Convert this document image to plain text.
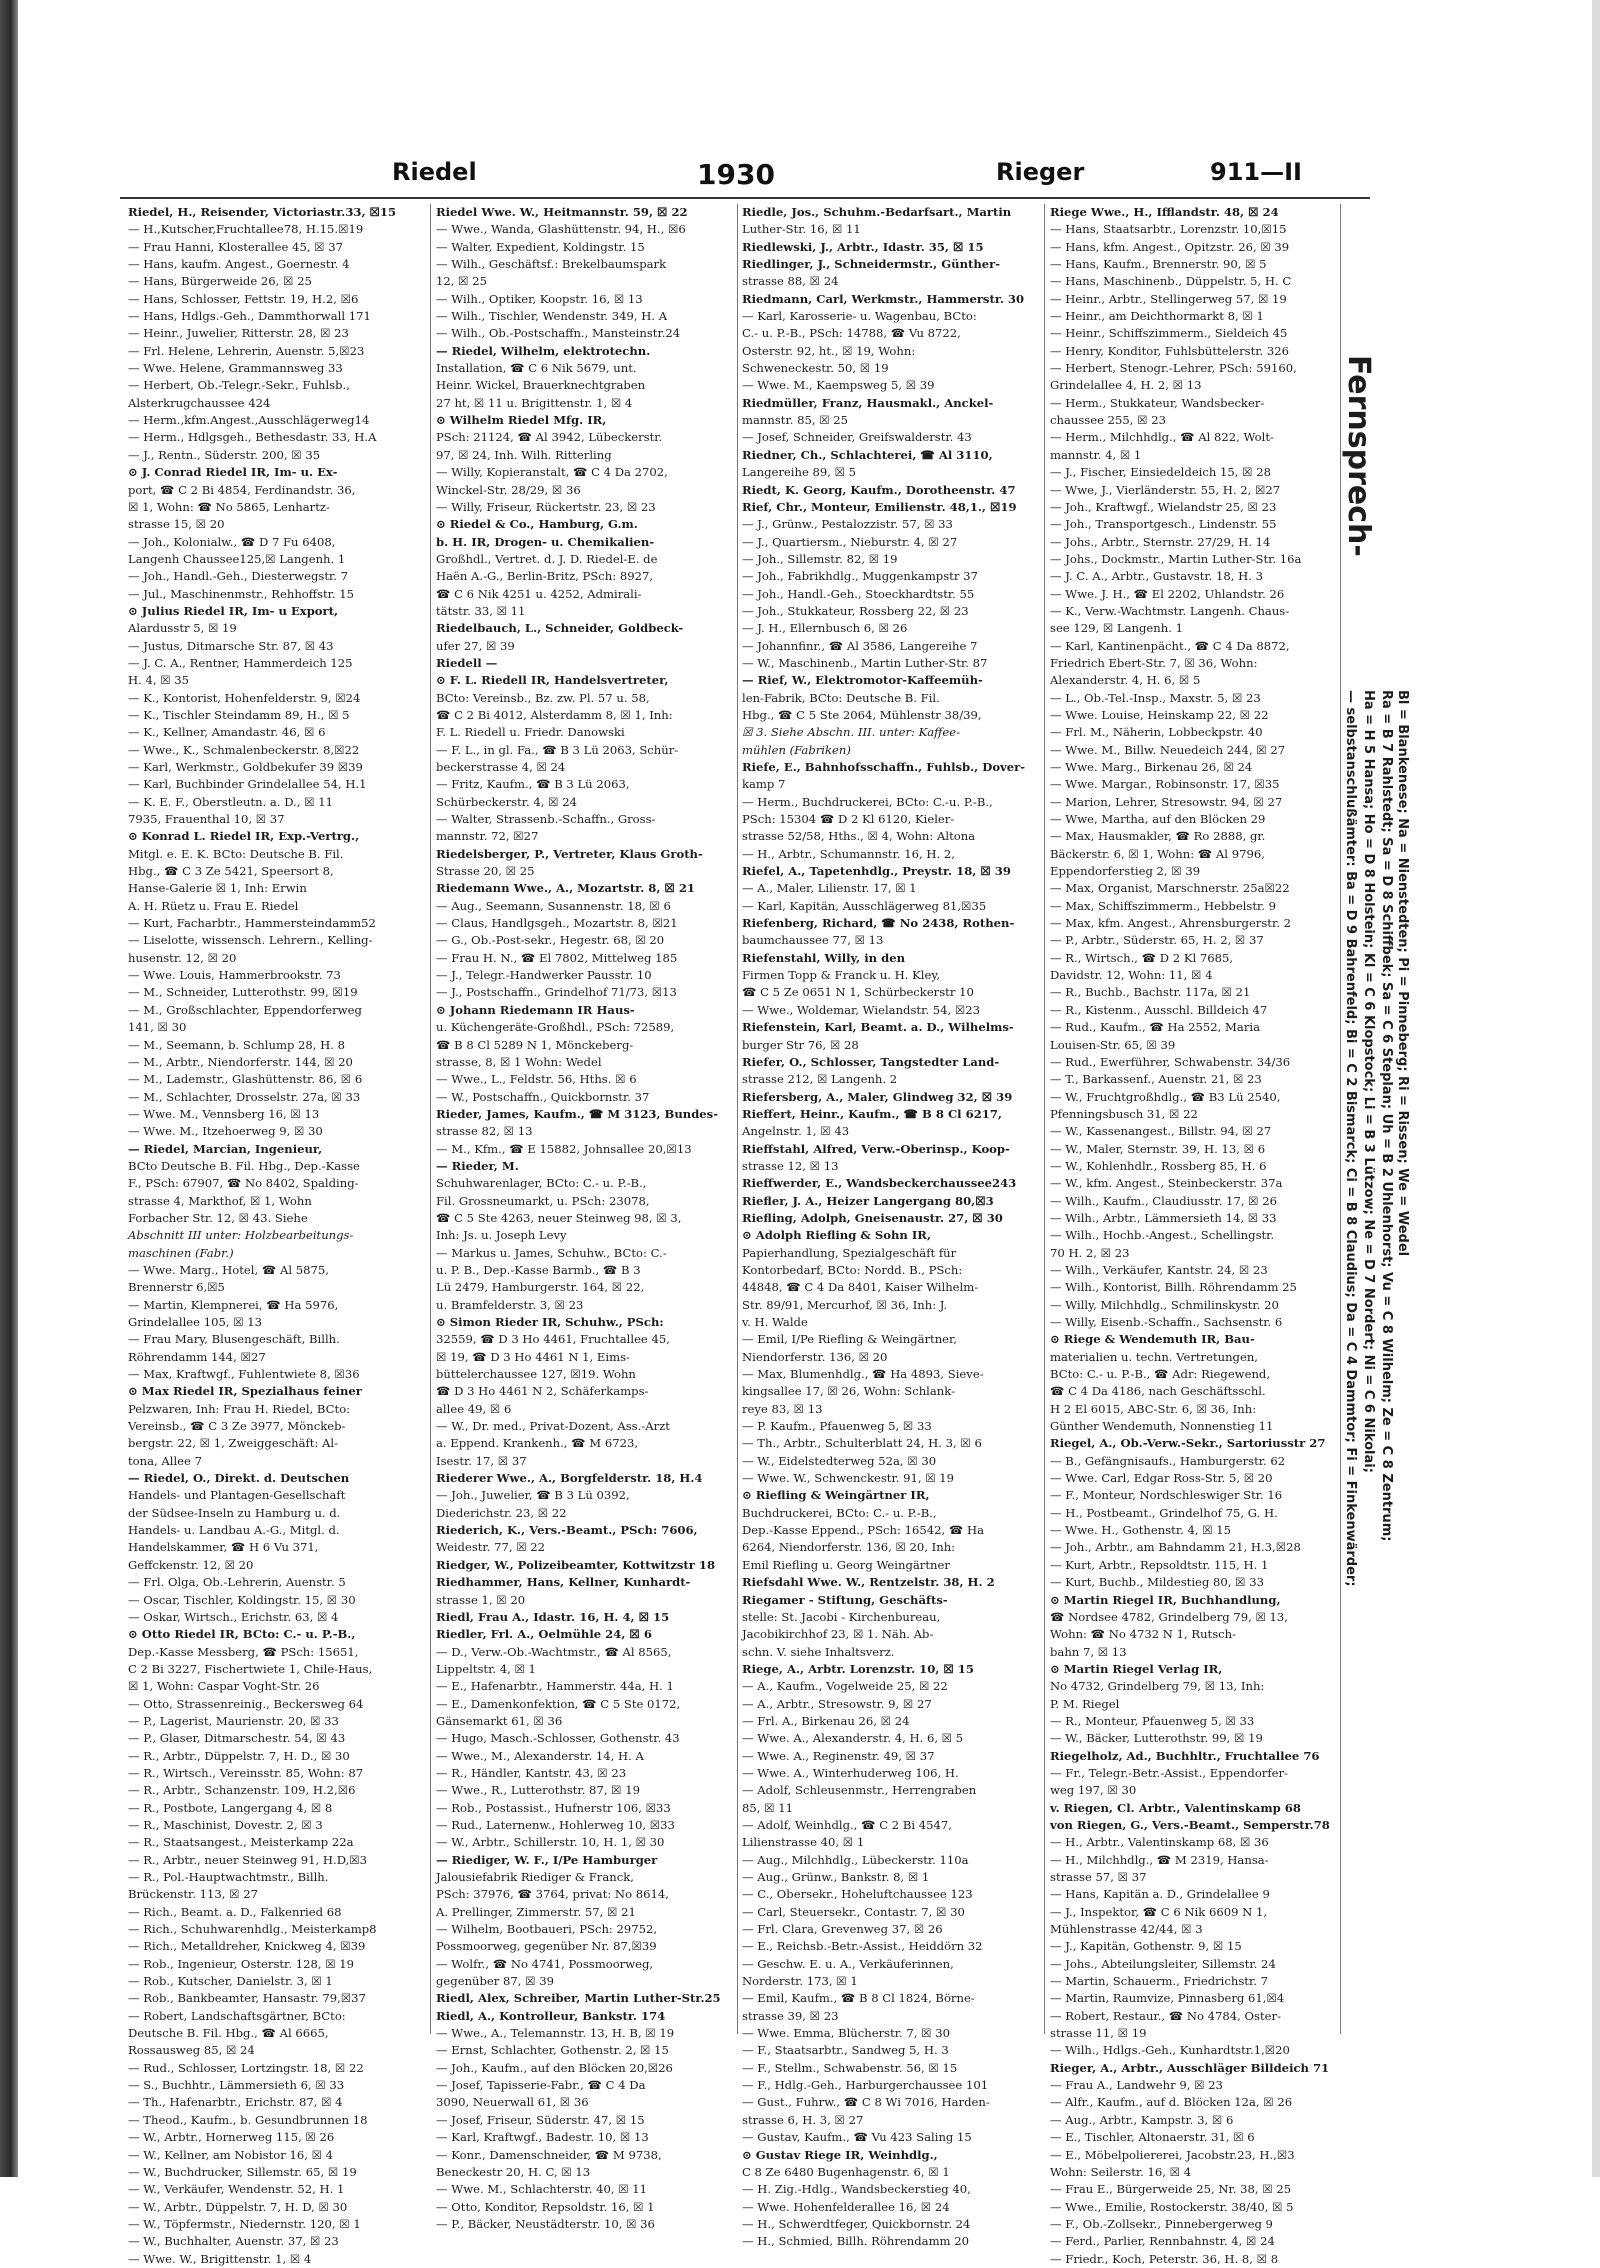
Riedel	1930	Rieger	911—II
Riedel, H., Reisender, Victoriastr.33, ☒15
— H.,Kutscher,Fruchtallee78, H.15.☒19
— Frau Hanni, Klosterallee 45, ☒ 37
— Hans, kaufm. Angest., Goernestr. 4
— Hans, Bürgerweide 26, ☒ 25
— Hans, Schlosser, Fettstr. 19, H.2, ☒6
— Hans, Hdlgs.-Geh., Dammthorwall 171
— Heinr., Juwelier, Ritterstr. 28, ☒ 23
— Frl. Helene, Lehrerin, Auenstr. 5,☒23
— Wwe. Helene, Grammannsweg 33
— Herbert, Ob.-Telegr.-Sekr., Fuhlsb.,
Alsterkrugchaussee 424
— Herm.,kfm.Angest.,Ausschlägerweg14
— Herm., Hdlgsgeh., Bethesdastr. 33, H.A
— J., Rentn., Süderstr. 200, ☒ 35
⊙ J. Conrad Riedel IR, Im- u. Ex-
port, ☎ C 2 Bi 4854, Ferdinandstr. 36,
☒ 1, Wohn: ☎ No 5865, Lenhartz-
strasse 15, ☒ 20
— Joh., Kolonialw., ☎ D 7 Fu 6408,
Langenh Chaussee125,☒ Langenh. 1
— Joh., Handl.-Geh., Diesterwegstr. 7
— Jul., Maschinenmstr., Rehhoffstr. 15
⊙ Julius Riedel IR, Im- u Export,
Alardusstr 5, ☒ 19
— Justus, Ditmarsche Str. 87, ☒ 43
— J. C. A., Rentner, Hammerdeich 125
H. 4, ☒ 35
— K., Kontorist, Hohenfelderstr. 9, ☒24
— K., Tischler Steindamm 89, H., ☒ 5
— K., Kellner, Amandastr. 46, ☒ 6
— Wwe., K., Schmalenbeckerstr. 8,☒22
— Karl, Werkmstr., Goldbekufer 39 ☒39
— Karl, Buchbinder Grindelallee 54, H.1
— K. E. F., Oberstleutn. a. D., ☒ 11
7935, Frauenthal 10, ☒ 37
⊙ Konrad L. Riedel IR, Exp.-Vertrg.,
Mitgl. e. E. K. BCto: Deutsche B. Fil.
Hbg., ☎ C 3 Ze 5421, Speersort 8,
Hanse-Galerie ☒ 1, Inh: Erwin
A. H. Rüetz u. Frau E. Riedel
— Kurt, Facharbtr., Hammersteindamm52
— Liselotte, wissensch. Lehrern., Kelling-
husenstr. 12, ☒ 20
— Wwe. Louis, Hammerbrookstr. 73
— M., Schneider, Lutterothstr. 99, ☒19
— M., Großschlachter, Eppendorferweg
141, ☒ 30
— M., Seemann, b. Schlump 28, H. 8
— M., Arbtr., Niendorferstr. 144, ☒ 20
— M., Lademstr., Glashüttenstr. 86, ☒ 6
— M., Schlachter, Drosselstr. 27a, ☒ 33
— Wwe. M., Vennsberg 16, ☒ 13
— Wwe. M., Itzehoerweg 9, ☒ 30
— Riedel, Marcian, Ingenieur,
BCto Deutsche B. Fil. Hbg., Dep.-Kasse
F., PSch: 67907, ☎ No 8402, Spalding-
strasse 4, Markthof, ☒ 1, Wohn
Forbacher Str. 12, ☒ 43. Siehe
Abschnitt III unter: Holzbearbeitungs-
maschinen (Fabr.)
— Wwe. Marg., Hotel, ☎ Al 5875,
Brennerstr 6,☒5
— Martin, Klempnerei, ☎ Ha 5976,
Grindelallee 105, ☒ 13
— Frau Mary, Blusengeschäft, Billh.
Röhrendamm 144, ☒27
— Max, Kraftwgf., Fuhlentwiete 8, ☒36
⊙ Max Riedel IR, Spezialhaus feiner
Pelzwaren, Inh: Frau H. Riedel, BCto:
Vereinsb., ☎ C 3 Ze 3977, Mönckeb-
bergstr. 22, ☒ 1, Zweiggeschäft: Al-
tona, Allee 7
— Riedel, O., Direkt. d. Deutschen
Handels- und Plantagen-Gesellschaft
der Südsee-Inseln zu Hamburg u. d.
Handels- u. Landbau A.-G., Mitgl. d.
Handelskammer, ☎ H 6 Vu 371,
Geffckenstr. 12, ☒ 20
— Frl. Olga, Ob.-Lehrerin, Auenstr. 5
— Oscar, Tischler, Koldingstr. 15, ☒ 30
— Oskar, Wirtsch., Erichstr. 63, ☒ 4
⊙ Otto Riedel IR, BCto: C.- u. P.-B.,
Dep.-Kasse Messberg, ☎ PSch: 15651,
C 2 Bi 3227, Fischertwiete 1, Chile-Haus,
☒ 1, Wohn: Caspar Voght-Str. 26
— Otto, Strassenreinig., Beckersweg 64
— P., Lagerist, Maurienstr. 20, ☒ 33
— P., Glaser, Ditmarschestr. 54, ☒ 43
— R., Arbtr., Düppelstr. 7, H. D., ☒ 30
— R., Wirtsch., Vereinsstr. 85, Wohn: 87
— R., Arbtr., Schanzenstr. 109, H.2,☒6
— R., Postbote, Langergang 4, ☒ 8
— R., Maschinist, Dovestr. 2, ☒ 3
— R., Staatsangest., Meisterkamp 22a
— R., Arbtr., neuer Steinweg 91, H.D,☒3
— R., Pol.-Hauptwachtmstr., Billh.
Brückenstr. 113, ☒ 27
— Rich., Beamt. a. D., Falkenried 68
— Rich., Schuhwarenhdlg., Meisterkamp8
— Rich., Metalldreher, Knickweg 4, ☒39
— Rob., Ingenieur, Osterstr. 128, ☒ 19
— Rob., Kutscher, Danielstr. 3, ☒ 1
— Rob., Bankbeamter, Hansastr. 79,☒37
— Robert, Landschaftsgärtner, BCto:
Deutsche B. Fil. Hbg., ☎ Al 6665,
Rossausweg 85, ☒ 24
— Rud., Schlosser, Lortzingstr. 18, ☒ 22
— S., Buchhtr., Lämmersieth 6, ☒ 33
— Th., Hafenarbtr., Erichstr. 87, ☒ 4
— Theod., Kaufm., b. Gesundbrunnen 18
— W., Arbtr., Hornerweg 115, ☒ 26
— W., Kellner, am Nobistor 16, ☒ 4
— W., Buchdrucker, Sillemstr. 65, ☒ 19
— W., Verkäufer, Wendenstr. 52, H. 1
— W., Arbtr., Düppelstr. 7, H. D, ☒ 30
— W., Töpfermstr., Niedernstr. 120, ☒ 1
— W., Buchhalter, Auenstr. 37, ☒ 23
— Wwe. W., Brigittenstr. 1, ☒ 4
Riedel Wwe. W., Heitmannstr. 59, ☒ 22
— Wwe., Wanda, Glashüttenstr. 94, H., ☒6
— Walter, Expedient, Koldingstr. 15
— Wilh., Geschäftsf.: Brekelbaumspark
12, ☒ 25
— Wilh., Optiker, Koopstr. 16, ☒ 13
— Wilh., Tischler, Wendenstr. 349, H. A
— Wilh., Ob.-Postschaffn., Mansteinstr.24
— Riedel, Wilhelm, elektrotechn.
Installation, ☎ C 6 Nik 5679, unt.
Heinr. Wickel, Brauerknechtgraben
27 ht, ☒ 11 u. Brigittenstr. 1, ☒ 4
⊙ Wilhelm Riedel Mfg. IR,
PSch: 21124, ☎ Al 3942, Lübeckerstr.
97, ☒ 24, Inh. Wilh. Ritterling
— Willy, Kopieranstalt, ☎ C 4 Da 2702,
Winckel-Str. 28/29, ☒ 36
— Willy, Friseur, Rückertstr. 23, ☒ 23
⊙ Riedel & Co., Hamburg, G.m.
b. H. IR, Drogen- u. Chemikalien-
Großhdl., Vertret. d. J. D. Riedel-E. de
Haën A.-G., Berlin-Britz, PSch: 8927,
☎ C 6 Nik 4251 u. 4252, Admirali-
tätstr. 33, ☒ 11
Riedelbauch, L., Schneider, Goldbeck-
ufer 27, ☒ 39
Riedell —
⊙ F. L. Riedell IR, Handelsvertreter,
BCto: Vereinsb., Bz. zw. Pl. 57 u. 58,
☎ C 2 Bi 4012, Alsterdamm 8, ☒ 1, Inh:
F. L. Riedell u. Friedr. Danowski
— F. L., in gl. Fa., ☎ B 3 Lü 2063, Schür-
beckerstrasse 4, ☒ 24
— Fritz, Kaufm., ☎ B 3 Lü 2063,
Schürbeckerstr. 4, ☒ 24
— Walter, Strassenb.-Schaffn., Gross-
mannstr. 72, ☒27
Riedelsberger, P., Vertreter, Klaus Groth-
Strasse 20, ☒ 25
Riedemann Wwe., A., Mozartstr. 8, ☒ 21
— Aug., Seemann, Susannenstr. 18, ☒ 6
— Claus, Handlgsgeh., Mozartstr. 8, ☒21
— G., Ob.-Post-sekr., Hegestr. 68, ☒ 20
— Frau H. N., ☎ El 7802, Mittelweg 185
— J., Telegr.-Handwerker Pausstr. 10
— J., Postschaffn., Grindelhof 71/73, ☒13
⊙ Johann Riedemann IR Haus-
u. Küchengeräte-Großhdl., PSch: 72589,
☎ B 8 Cl 5289 N 1, Mönckeberg-
strasse, 8, ☒ 1 Wohn: Wedel
— Wwe., L., Feldstr. 56, Hths. ☒ 6
— W., Postschaffn., Quickbornstr. 37
Rieder, James, Kaufm., ☎ M 3123, Bundes-
strasse 82, ☒ 13
— M., Kfm., ☎ E 15882, Johnsallee 20,☒13
— Rieder, M.
Schuhwarenlager, BCto: C.- u. P.-B.,
Fil. Grossneumarkt, u. PSch: 23078,
☎ C 5 Ste 4263, neuer Steinweg 98, ☒ 3,
Inh: Js. u. Joseph Levy
— Markus u. James, Schuhw., BCto: C.-
u. P. B., Dep.-Kasse Barmb., ☎ B 3
Lü 2479, Hamburgerstr. 164, ☒ 22,
u. Bramfelderstr. 3, ☒ 23
⊙ Simon Rieder IR, Schuhw., PSch:
32559, ☎ D 3 Ho 4461, Fruchtallee 45,
☒ 19, ☎ D 3 Ho 4461 N 1, Eims-
büttelerchaussee 127, ☒19. Wohn
☎ D 3 Ho 4461 N 2, Schäferkamps-
allee 49, ☒ 6
— W., Dr. med., Privat-Dozent, Ass.-Arzt
a. Eppend. Krankenh., ☎ M 6723,
Isestr. 17, ☒ 37
Riederer Wwe., A., Borgfelderstr. 18, H.4
— Joh., Juwelier, ☎ B 3 Lü 0392,
Diederichstr. 23, ☒ 22
Riederich, K., Vers.-Beamt., PSch: 7606,
Weidestr. 77, ☒ 22
Riedger, W., Polizeibeamter, Kottwitzstr 18
Riedhammer, Hans, Kellner, Kunhardt-
strasse 1, ☒ 20
Riedl, Frau A., Idastr. 16, H. 4, ☒ 15
Riedler, Frl. A., Oelmühle 24, ☒ 6
— D., Verw.-Ob.-Wachtmstr., ☎ Al 8565,
Lippeltstr. 4, ☒ 1
— E., Hafenarbtr., Hammerstr. 44a, H. 1
— E., Damenkonfektion, ☎ C 5 Ste 0172,
Gänsemarkt 61, ☒ 36
— Hugo, Masch.-Schlosser, Gothenstr. 43
— Wwe., M., Alexanderstr. 14, H. A
— R., Händler, Kantstr. 43, ☒ 23
— Wwe., R., Lutterothstr. 87, ☒ 19
— Rob., Postassist., Hufnerstr 106, ☒33
— Rud., Laternenw., Hohlerweg 10, ☒33
— W., Arbtr., Schillerstr. 10, H. 1, ☒ 30
— Riediger, W. F., I/Pe Hamburger
Jalousiefabrik Riediger & Franck,
PSch: 37976, ☎ 3764, privat: No 8614,
A. Prellinger, Zimmerstr. 57, ☒ 21
— Wilhelm, Bootbaueri, PSch: 29752,
Possmoorweg, gegenüber Nr. 87,☒39
— Wolfr., ☎ No 4741, Possmoorweg,
gegenüber 87, ☒ 39
Riedl, Alex, Schreiber, Martin Luther-Str.25
Riedl, A., Kontrolleur, Bankstr. 174
— Wwe., A., Telemannstr. 13, H. B, ☒ 19
— Ernst, Schlachter, Gothenstr. 2, ☒ 15
— Joh., Kaufm., auf den Blöcken 20,☒26
— Josef, Tapisserie-Fabr., ☎ C 4 Da
3090, Neuerwall 61, ☒ 36
— Josef, Friseur, Süderstr. 47, ☒ 15
— Karl, Kraftwgf., Badestr. 10, ☒ 13
— Konr., Damenschneider, ☎ M 9738,
Beneckestr 20, H. C, ☒ 13
— Wwe. M., Schlachterstr. 40, ☒ 11
— Otto, Konditor, Repsoldstr. 16, ☒ 1
— P., Bäcker, Neustädterstr. 10, ☒ 36
Riedle, Jos., Schuhm.-Bedarfsart., Martin
Luther-Str. 16, ☒ 11
Riedlewski, J., Arbtr., Idastr. 35, ☒ 15
Riedlinger, J., Schneidermstr., Günther-
strasse 88, ☒ 24
Riedmann, Carl, Werkmstr., Hammerstr. 30
— Karl, Karosserie- u. Wagenbau, BCto:
C.- u. P.-B., PSch: 14788, ☎ Vu 8722,
Osterstr. 92, ht., ☒ 19, Wohn:
Schweneckestr. 50, ☒ 19
— Wwe. M., Kaempsweg 5, ☒ 39
Riedmüller, Franz, Hausmakl., Anckel-
mannstr. 85, ☒ 25
— Josef, Schneider, Greifswalderstr. 43
Riedner, Ch., Schlachterei, ☎ Al 3110,
Langereihe 89, ☒ 5
Riedt, K. Georg, Kaufm., Dorotheenstr. 47
Rief, Chr., Monteur, Emilienstr. 48,1., ☒19
— J., Grünw., Pestalozzistr. 57, ☒ 33
— J., Quartiersm., Nieburstr. 4, ☒ 27
— Joh., Sillemstr. 82, ☒ 19
— Joh., Fabrikhdlg., Muggenkampstr 37
— Joh., Handl.-Geh., Stoeckhardtstr. 55
— Joh., Stukkateur, Rossberg 22, ☒ 23
— J. H., Ellernbusch 6, ☒ 26
— Johannfinr., ☎ Al 3586, Langereihe 7
— W., Maschinenb., Martin Luther-Str. 87
— Rief, W., Elektromotor-Kaffeemüh-
len-Fabrik, BCto: Deutsche B. Fil.
Hbg., ☎ C 5 Ste 2064, Mühlenstr 38/39,
☒ 3. Siehe Abschn. III. unter: Kaffee-
mühlen (Fabriken)
Riefe, E., Bahnhofsschaffn., Fuhlsb., Dover-
kamp 7
— Herm., Buchdruckerei, BCto: C.-u. P.-B.,
PSch: 15304 ☎ D 2 Kl 6120, Kieler-
strasse 52/58, Hths., ☒ 4, Wohn: Altona
— H., Arbtr., Schumannstr. 16, H. 2,
Riefel, A., Tapetenhdlg., Preystr. 18, ☒ 39
— A., Maler, Lilienstr. 17, ☒ 1
— Karl, Kapitän, Ausschlägerweg 81,☒35
Riefenberg, Richard, ☎ No 2438, Rothen-
baumchaussee 77, ☒ 13
Riefenstahl, Willy, in den
Firmen Topp & Franck u. H. Kley,
☎ C 5 Ze 0651 N 1, Schürbeckerstr 10
— Wwe., Woldemar, Wielandstr. 54, ☒23
Riefenstein, Karl, Beamt. a. D., Wilhelms-
burger Str 76, ☒ 28
Riefer, O., Schlosser, Tangstedter Land-
strasse 212, ☒ Langenh. 2
Riefersberg, A., Maler, Glindweg 32, ☒ 39
Rieffert, Heinr., Kaufm., ☎ B 8 Cl 6217,
Angelnstr. 1, ☒ 43
Rieffstahl, Alfred, Verw.-Oberinsp., Koop-
strasse 12, ☒ 13
Rieffwerder, E., Wandsbeckerchaussee243
Riefler, J. A., Heizer Langergang 80,☒3
Riefling, Adolph, Gneisenaustr. 27, ☒ 30
⊙ Adolph Riefling & Sohn IR,
Papierhandlung, Spezialgeschäft für
Kontorbedarf, BCto: Nordd. B., PSch:
44848, ☎ C 4 Da 8401, Kaiser Wilhelm-
Str. 89/91, Mercurhof, ☒ 36, Inh: J.
v. H. Walde
— Emil, I/Pe Riefling & Weingärtner,
Niendorferstr. 136, ☒ 20
— Max, Blumenhdlg., ☎ Ha 4893, Sieve-
kingsallee 17, ☒ 26, Wohn: Schlank-
reye 83, ☒ 13
— P. Kaufm., Pfauenweg 5, ☒ 33
— Th., Arbtr., Schulterblatt 24, H. 3, ☒ 6
— W., Eidelstedterweg 52a, ☒ 30
— Wwe. W., Schwenckestr. 91, ☒ 19
⊙ Riefling & Weingärtner IR,
Buchdruckerei, BCto: C.- u. P.-B.,
Dep.-Kasse Eppend., PSch: 16542, ☎ Ha
6264, Niendorferstr. 136, ☒ 20, Inh:
Emil Riefling u. Georg Weingärtner
Riefsdahl Wwe. W., Rentzelstr. 38, H. 2
Riegamer - Stiftung, Geschäfts-
stelle: St. Jacobi - Kirchenbureau,
Jacobikirchhof 23, ☒ 1. Näh. Ab-
schn. V. siehe Inhaltsverz.
Riege, A., Arbtr. Lorenzstr. 10, ☒ 15
— A., Kaufm., Vogelweide 25, ☒ 22
— A., Arbtr., Stresowstr. 9, ☒ 27
— Frl. A., Birkenau 26, ☒ 24
— Wwe. A., Alexanderstr. 4, H. 6, ☒ 5
— Wwe. A., Reginenstr. 49, ☒ 37
— Wwe. A., Winterhuderweg 106, H.
— Adolf, Schleusenmstr., Herrengraben
85, ☒ 11
— Adolf, Weinhdlg., ☎ C 2 Bi 4547,
Lilienstrasse 40, ☒ 1
— Aug., Milchhdlg., Lübeckerstr. 110a
— Aug., Grünw., Bankstr. 8, ☒ 1
— C., Obersekr., Hoheluftchaussee 123
— Carl, Steuersekr., Contastr. 7, ☒ 30
— Frl. Clara, Grevenweg 37, ☒ 26
— E., Reichsb.-Betr.-Assist., Heiddörn 32
— Geschw. E. u. A., Verkäuferinnen,
Norderstr. 173, ☒ 1
— Emil, Kaufm., ☎ B 8 Cl 1824, Börne-
strasse 39, ☒ 23
— Wwe. Emma, Blücherstr. 7, ☒ 30
— F., Staatsarbtr., Sandweg 5, H. 3
— F., Stellm., Schwabenstr. 56, ☒ 15
— F., Hdlg.-Geh., Harburgerchaussee 101
— Gust., Fuhrw., ☎ C 8 Wi 7016, Harden-
strasse 6, H. 3, ☒ 27
— Gustav, Kaufm., ☎ Vu 423 Saling 15
⊙ Gustav Riege IR, Weinhdlg.,
C 8 Ze 6480 Bugenhagenstr. 6, ☒ 1
— H. Zig.-Hdlg., Wandsbeckerstieg 40,
— Wwe. Hohenfelderallee 16, ☒ 24
— H., Schwerdtfeger, Quickbornstr. 24
— H., Schmied, Billh. Röhrendamm 20
Riege Wwe., H., Ifflandstr. 48, ☒ 24
— Hans, Staatsarbtr., Lorenzstr. 10,☒15
— Hans, kfm. Angest., Opitzstr. 26, ☒ 39
— Hans, Kaufm., Brennerstr. 90, ☒ 5
— Hans, Maschinenb., Düppelstr. 5, H. C
— Heinr., Arbtr., Stellingerweg 57, ☒ 19
— Heinr., am Deichthormarkt 8, ☒ 1
— Heinr., Schiffszimmerm., Sieldeich 45
— Henry, Konditor, Fuhlsbüttelerstr. 326
— Herbert, Stenogr.-Lehrer, PSch: 59160,
Grindelallee 4, H. 2, ☒ 13
— Herm., Stukkateur, Wandsbecker-
chaussee 255, ☒ 23
— Herm., Milchhdlg., ☎ Al 822, Wolt-
mannstr. 4, ☒ 1
— J., Fischer, Einsiedeldeich 15, ☒ 28
— Wwe, J., Vierländerstr. 55, H. 2, ☒27
— Joh., Kraftwgf., Wielandstr 25, ☒ 23
— Joh., Transportgesch., Lindenstr. 55
— Johs., Arbtr., Sternstr. 27/29, H. 14
— Johs., Dockmstr., Martin Luther-Str. 16a
— J. C. A., Arbtr., Gustavstr. 18, H. 3
— Wwe. J. H., ☎ El 2202, Uhlandstr. 26
— K., Verw.-Wachtmstr. Langenh. Chaus-
see 129, ☒ Langenh. 1
— Karl, Kantinenpächt., ☎ C 4 Da 8872,
Friedrich Ebert-Str. 7, ☒ 36, Wohn:
Alexanderstr. 4, H. 6, ☒ 5
— L., Ob.-Tel.-Insp., Maxstr. 5, ☒ 23
— Wwe. Louise, Heinskamp 22, ☒ 22
— Frl. M., Näherin, Lobbeckpstr. 40
— Wwe. M., Billw. Neuedeich 244, ☒ 27
— Wwe. Marg., Birkenau 26, ☒ 24
— Wwe. Margar., Robinsonstr. 17, ☒35
— Marion, Lehrer, Stresowstr. 94, ☒ 27
— Wwe, Martha, auf den Blöcken 29
— Max, Hausmakler, ☎ Ro 2888, gr.
Bäckerstr. 6, ☒ 1, Wohn: ☎ Al 9796,
Eppendorferstieg 2, ☒ 39
— Max, Organist, Marschnerstr. 25a☒22
— Max, Schiffszimmerm., Hebbelstr. 9
— Max, kfm. Angest., Ahrensburgerstr. 2
— P., Arbtr., Süderstr. 65, H. 2, ☒ 37
— R., Wirtsch., ☎ D 2 Kl 7685,
Davidstr. 12, Wohn: 11, ☒ 4
— R., Buchb., Bachstr. 117a, ☒ 21
— R., Kistenm., Ausschl. Billdeich 47
— Rud., Kaufm., ☎ Ha 2552, Maria
Louisen-Str. 65, ☒ 39
— Rud., Ewerführer, Schwabenstr. 34/36
— T., Barkassenf., Auenstr. 21, ☒ 23
— W., Fruchtgroßhdlg., ☎ B3 Lü 2540,
Pfenningsbusch 31, ☒ 22
— W., Kassenangest., Billstr. 94, ☒ 27
— W., Maler, Sternstr. 39, H. 13, ☒ 6
— W., Kohlenhdlr., Rossberg 85, H. 6
— W., kfm. Angest., Steinbeckerstr. 37a
— Wilh., Kaufm., Claudiusstr. 17, ☒ 26
— Wilh., Arbtr., Lämmersieth 14, ☒ 33
— Wilh., Hochb.-Angest., Schellingstr.
70 H. 2, ☒ 23
— Wilh., Verkäufer, Kantstr. 24, ☒ 23
— Wilh., Kontorist, Billh. Röhrendamm 25
— Willy, Milchhdlg., Schmilinskystr. 20
— Willy, Eisenb.-Schaffn., Sachsenstr. 6
⊙ Riege & Wendemuth IR, Bau-
materialien u. techn. Vertretungen,
BCto: C.- u. P.-B., ☎ Adr: Riegewend,
☎ C 4 Da 4186, nach Geschäftsschl.
H 2 El 6015, ABC-Str. 6, ☒ 36, Inh:
Günther Wendemuth, Nonnenstieg 11
Riegel, A., Ob.-Verw.-Sekr., Sartoriusstr 27
— B., Gefängnisaufs., Hamburgerstr. 62
— Wwe. Carl, Edgar Ross-Str. 5, ☒ 20
— F., Monteur, Nordschleswiger Str. 16
— H., Postbeamt., Grindelhof 75, G. H.
— Wwe. H., Gothenstr. 4, ☒ 15
— Joh., Arbtr., am Bahndamm 21, H.3,☒28
— Kurt, Arbtr., Repsoldtstr. 115, H. 1
— Kurt, Buchb., Mildestieg 80, ☒ 33
⊙ Martin Riegel IR, Buchhandlung,
☎ Nordsee 4782, Grindelberg 79, ☒ 13,
Wohn: ☎ No 4732 N 1, Rutsch-
bahn 7, ☒ 13
⊙ Martin Riegel Verlag IR,
No 4732, Grindelberg 79, ☒ 13, Inh:
P. M. Riegel
— R., Monteur, Pfauenweg 5, ☒ 33
— W., Bäcker, Lutterothstr. 99, ☒ 19
Riegelholz, Ad., Buchhltr., Fruchtallee 76
— Fr., Telegr.-Betr.-Assist., Eppendorfer-
weg 197, ☒ 30
v. Riegen, Cl. Arbtr., Valentinskamp 68
von Riegen, G., Vers.-Beamt., Semperstr.78
— H., Arbtr., Valentinskamp 68, ☒ 36
— H., Milchhdlg., ☎ M 2319, Hansa-
strasse 57, ☒ 37
— Hans, Kapitän a. D., Grindelallee 9
— J., Inspektor, ☎ C 6 Nik 6609 N 1,
Mühlenstrasse 42/44, ☒ 3
— J., Kapitän, Gothenstr. 9, ☒ 15
— Johs., Abteilungsleiter, Sillemstr. 24
— Martin, Schauerm., Friedrichstr. 7
— Martin, Raumvize, Pinnasberg 61,☒4
— Robert, Restaur., ☎ No 4784, Oster-
strasse 11, ☒ 19
— Wilh., Hdlgs.-Geh., Kunhardtstr.1,☒20
Rieger, A., Arbtr., Ausschläger Billdeich 71
— Frau A., Landwehr 9, ☒ 23
— Alfr., Kaufm., auf d. Blöcken 12a, ☒ 26
— Aug., Arbtr., Kampstr. 3, ☒ 6
— E., Tischler, Altonaerstr. 31, ☒ 6
— E., Möbelpoliererei, Jacobstr.23, H.,☒3
Wohn: Seilerstr. 16, ☒ 4
— Frau E., Bürgerweide 25, Nr. 38, ☒ 25
— Wwe., Emilie, Rostockerstr. 38/40, ☒ 5
— F., Ob.-Zollsekr., Pinnebergerweg 9
— Ferd., Parlier, Rennbahnstr. 4, ☒ 24
— Friedr., Koch, Peterstr. 36, H. 8, ☒ 8
Fernsprech-
— selbstanschlußämter: Ba = D 9 Bahrenfeld; Bi = C 2 Bismarck; Ci = B 8 Claudius; Da = C 4 Dammtor; Fi = Finkenwärder; Ha = H 5 Hansa; Ho = D 8 Holstein; Kl = C 6 Klopstock; Li = B 3 Lützow; Ne = D 7 Nordert; Ni = C 6 Nikolai; Ra = B 7 Rahlstedt; Sa = D 8 Schiffbek; Sa = C 6 Steplan; Uh = B 2 Uhlenhorst; Vu = C 8 Wilhelm; Ze = C 8 Zentrum; Bl = Blankenese; Na = Nienstedten; Pi = Pinneberg; Ri = Rissen; We = Wedel
